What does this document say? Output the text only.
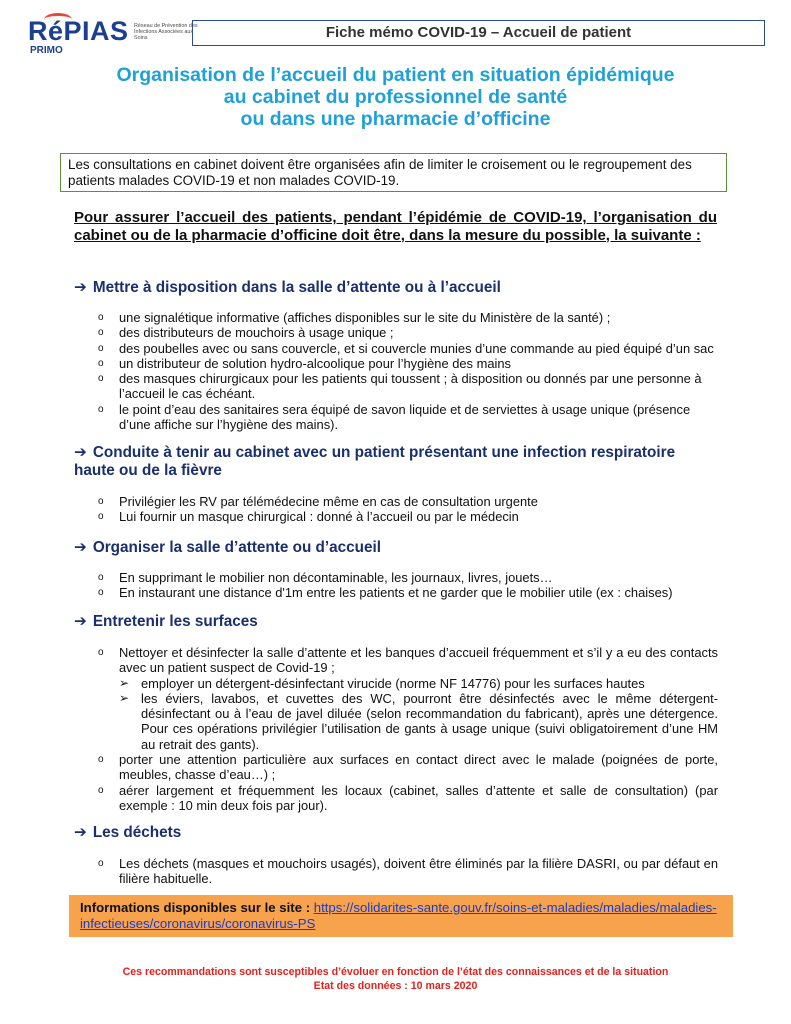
RéPIAS
PRIMO
Réseau de Prévention des Infections Associées aux Soins	Fiche mémo COVID-19 – Accueil de patient
Organisation de l’accueil du patient en situation épidémique
au cabinet du professionnel de santé
ou dans une pharmacie d’officine
Les consultations en cabinet doivent être organisées afin de limiter le croisement ou le regroupement des patients malades COVID-19 et non malades COVID-19.
Pour assurer l’accueil des patients, pendant l’épidémie de COVID-19, l’organisation du cabinet ou de la pharmacie d’officine doit être, dans la mesure du possible, la suivante :
➔ Mettre à disposition dans la salle d’attente ou à l’accueil
o une signalétique informative (affiches disponibles sur le site du Ministère de la santé) ;
o des distributeurs de mouchoirs à usage unique ;
o des poubelles avec ou sans couvercle, et si couvercle munies d’une commande au pied équipé d’un sac
o un distributeur de solution hydro-alcoolique pour l’hygiène des mains
o des masques chirurgicaux pour les patients qui toussent ; à disposition ou donnés par une personne à l’accueil le cas échéant.
o le point d’eau des sanitaires sera équipé de savon liquide et de serviettes à usage unique (présence d’une affiche sur l’hygiène des mains).
➔ Conduite à tenir au cabinet avec un patient présentant une infection respiratoire
haute ou de la fièvre
o Privilégier les RV par télémédecine même en cas de consultation urgente
o Lui fournir un masque chirurgical : donné à l’accueil ou par le médecin
➔ Organiser la salle d’attente ou d’accueil
o En supprimant le mobilier non décontaminable, les journaux, livres, jouets…
o En instaurant une distance d'1m entre les patients et ne garder que le mobilier utile (ex : chaises)
➔ Entretenir les surfaces
o Nettoyer et désinfecter la salle d’attente et les banques d’accueil fréquemment et s’il y a eu des contacts avec un patient suspect de Covid-19 ;
➢ employer un détergent-désinfectant virucide (norme NF 14776) pour les surfaces hautes
➢ les éviers, lavabos, et cuvettes des WC, pourront être désinfectés avec le même détergent-désinfectant ou à l’eau de javel diluée (selon recommandation du fabricant), après une détergence. Pour ces opérations privilégier l’utilisation de gants à usage unique (suivi obligatoirement d’une HM au retrait des gants).
o porter une attention particulière aux surfaces en contact direct avec le malade (poignées de porte, meubles, chasse d’eau…) ;
o aérer largement et fréquemment les locaux (cabinet, salles d’attente et salle de consultation) (par exemple : 10 min deux fois par jour).
➔ Les déchets
o Les déchets (masques et mouchoirs usagés), doivent être éliminés par la filière DASRI, ou par défaut en filière habituelle.
Informations disponibles sur le site : https://solidarites-sante.gouv.fr/soins-et-maladies/maladies/maladies-infectieuses/coronavirus/coronavirus-PS
Ces recommandations sont susceptibles d’évoluer en fonction de l’état des connaissances et de la situation
Etat des données : 10 mars 2020
